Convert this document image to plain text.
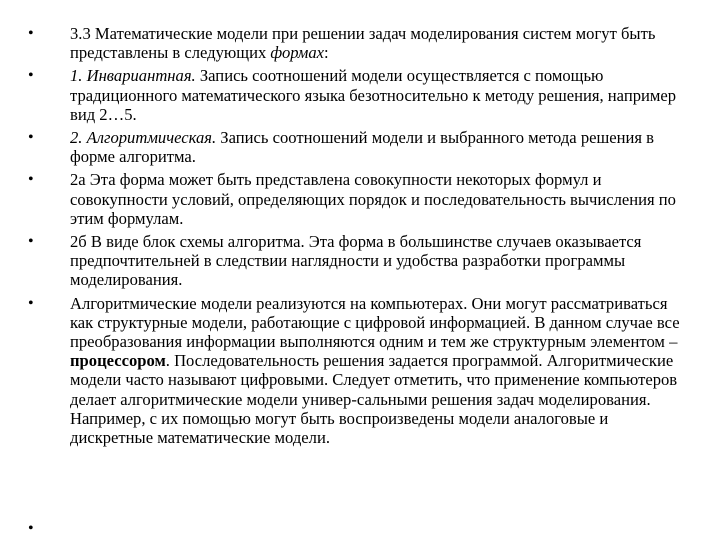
•	3.3 Математические модели при решении задач моделирования систем могут быть представлены в следующих формах:
•	1. Инвариантная. Запись соотношений модели осуществляется с помощью традиционного математического языка безотносительно к методу решения, например вид 2…5.
•	2. Алгоритмическая. Запись соотношений модели и выбранного метода решения в форме алгоритма.
•	2а Эта форма может быть представлена совокупности некоторых формул и совокупности условий, определяющих порядок и последовательность вычисления по этим формулам.
•	2б В виде блок схемы алгоритма. Эта форма в большинстве случаев оказывается предпочтительней в следствии наглядности и удобства разработки программы моделирования.
•	Алгоритмические модели реализуются на компьютерах. Они могут рассматриваться как структурные модели, работающие с цифровой информацией. В данном случае все преобразования информации выполняются одним и тем же структурным элементом – процессором. Последовательность решения задается программой. Алгоритмические модели часто называют цифровыми. Следует отметить, что применение компьютеров делает алгоритмические модели универ-сальными решения задач моделирования. Например, с их помощью могут быть воспроизведены модели аналоговые и дискретные математические модели.
•
